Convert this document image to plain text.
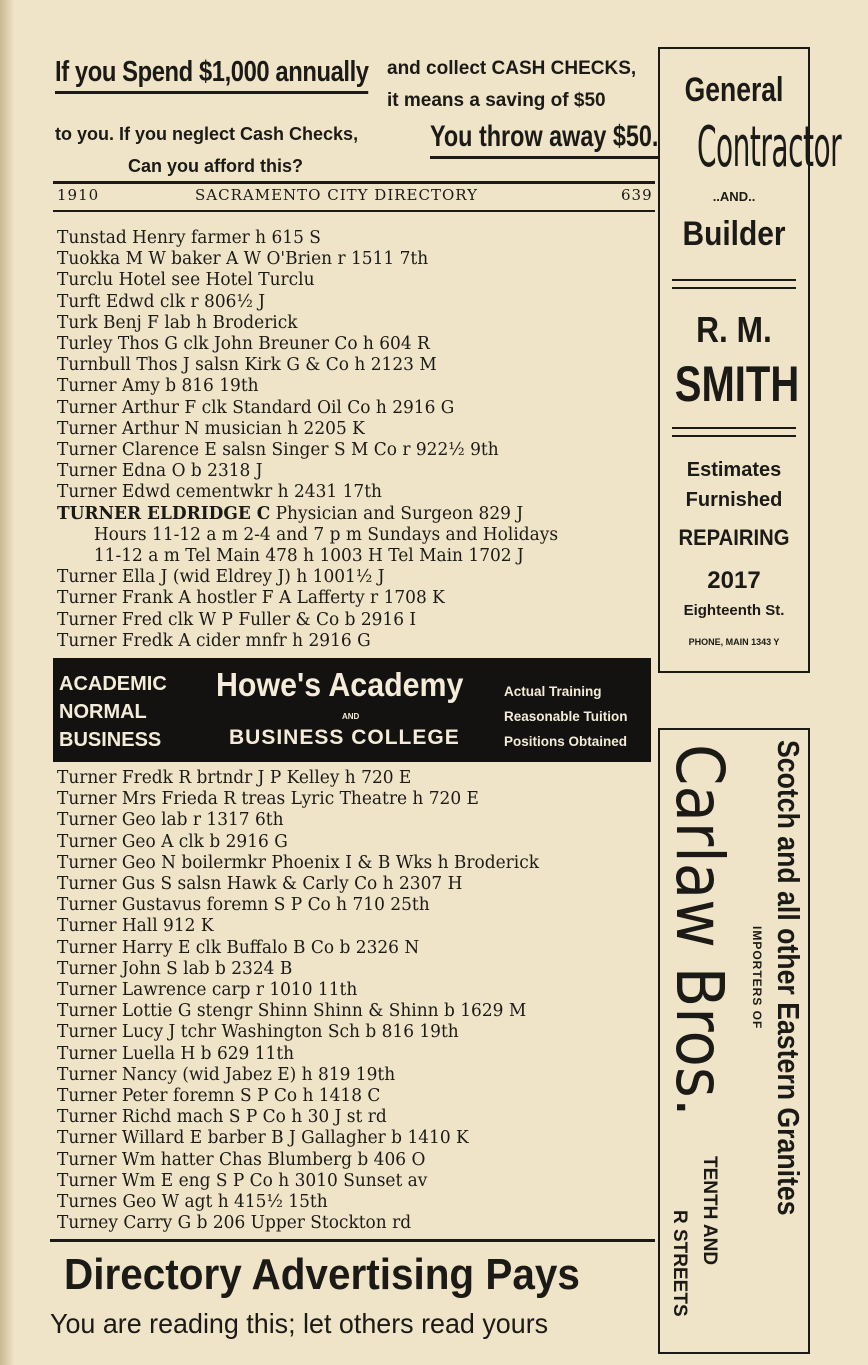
If you Spend $1,000 annually and collect CASH CHECKS,
it means a saving of $50
to you. If you neglect Cash Checks, You throw away $50.
Can you afford this?
1910	SACRAMENTO CITY DIRECTORY	639
Tunstad Henry farmer h 615 S
Tuokka M W baker A W O'Brien r 1511 7th
Turclu Hotel see Hotel Turclu
Turft Edwd clk r 806½ J
Turk Benj F lab h Broderick
Turley Thos G clk John Breuner Co h 604 R
Turnbull Thos J salsn Kirk G & Co h 2123 M
Turner Amy b 816 19th
Turner Arthur F clk Standard Oil Co h 2916 G
Turner Arthur N musician h 2205 K
Turner Clarence E salsn Singer S M Co r 922½ 9th
Turner Edna O b 2318 J
Turner Edwd cementwkr h 2431 17th
TURNER ELDRIDGE C Physician and Surgeon 829 J
Hours 11-12 a m 2-4 and 7 p m Sundays and Holidays
11-12 a m Tel Main 478 h 1003 H Tel Main 1702 J
Turner Ella J (wid Eldrey J) h 1001½ J
Turner Frank A hostler F A Lafferty r 1708 K
Turner Fred clk W P Fuller & Co b 2916 I
Turner Fredk A cider mnfr h 2916 G
ACADEMIC
NORMAL
BUSINESS
Howe's Academy
AND
BUSINESS COLLEGE
Actual Training
Reasonable Tuition
Positions Obtained
Turner Fredk R brtndr J P Kelley h 720 E
Turner Mrs Frieda R treas Lyric Theatre h 720 E
Turner Geo lab r 1317 6th
Turner Geo A clk b 2916 G
Turner Geo N boilermkr Phoenix I & B Wks h Broderick
Turner Gus S salsn Hawk & Carly Co h 2307 H
Turner Gustavus foremn S P Co h 710 25th
Turner Hall 912 K
Turner Harry E clk Buffalo B Co b 2326 N
Turner John S lab b 2324 B
Turner Lawrence carp r 1010 11th
Turner Lottie G stengr Shinn Shinn & Shinn b 1629 M
Turner Lucy J tchr Washington Sch b 816 19th
Turner Luella H b 629 11th
Turner Nancy (wid Jabez E) h 819 19th
Turner Peter foremn S P Co h 1418 C
Turner Richd mach S P Co h 30 J st rd
Turner Willard E barber B J Gallagher b 1410 K
Turner Wm hatter Chas Blumberg b 406 O
Turner Wm E eng S P Co h 3010 Sunset av
Turnes Geo W agt h 415½ 15th
Turney Carry G b 206 Upper Stockton rd
Directory Advertising Pays
You are reading this; let others read yours
General
Contractor
..AND..
Builder
R. M.
SMITH
Estimates
Furnished
REPAIRING
2017
Eighteenth St.
PHONE, MAIN 1343 Y
Carlaw Bros. IMPORTERS OF Scotch and all other Eastern Granites
TENTH AND
R STREETS
